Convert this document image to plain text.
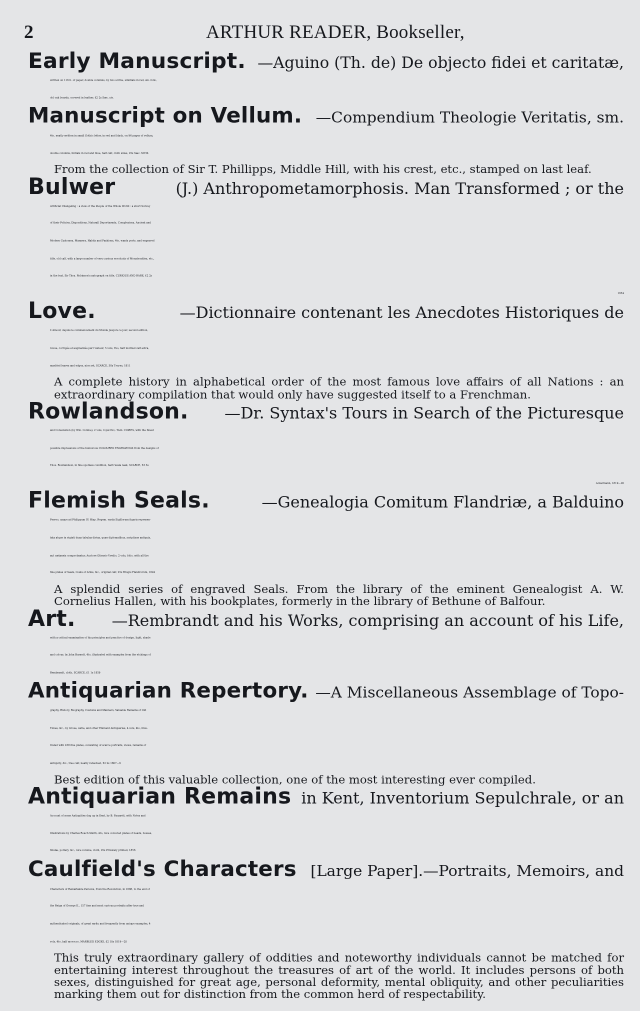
2	ARTHUR READER, Bookseller,
Early Manuscript. —Aguino (Th. de) De objecto fidei et caritatæ,
written on 116 ll. of paper, double columns, by two scribe, simitials in red, sm. folio,
old oak boards, covered in leather, £2 2s Sæc. xiv.
Manuscript on Vellum. —Compendium Theologie Veritatis, sm.
4to, neatly written in small Gothic letter, in red and black, on 96 pages of vellum,
double columns, Initials in red and blue, half calf, cloth sides, 25s Sæc. XIVth
From the collection of Sir T. Phillipps, Middle Hill, with his crest, etc., stamped on last leaf.
Bulwer	(J.) Anthropometamorphosis. Man Transformed ; or the
Artificial Changeling : a view of the People of the Whole World : a short Survey
of their Policies, Dispositions, Naturall Deportments, Complexions, Ancient and
Modern Customes, Manners, Habits and Fashions, 4to, wants ports. and engraved
title, old calf, with a large number of very curious woodcuts of Monstrosities, etc.,
in the text, Sir Thos. Robinson's autograph on title, CURIOUS AND RARE, £2 2s
1654
Love.	—Dictionnaire contenant les Anecdotes Historiques de
L'Amour, depuis le commencement du Monde jusqu'a ce jour, second edition,
revue, corrigée et augmentée par l'Auteur, 5 vols, 8vo, half mottled calf extra,
marbled leaves and edges, nice set, SCARCE, 38s Troyes, 1811
A complete history in alphabetical order of the most famous love affairs of all Nations : an extraordinary compilation that would only have suggested itself to a Frenchman.
Rowlandson. —Dr. Syntax's Tours in Search of the Picturesque
and Consolation (by Wm. Combe), 2 vols, royal 8vo, TALL COPIES, with the finest
possible impressions of the humorous COLOURED ENGRAVINGS from the designs of
Thos. Rowlandson, in fine spotless condition, half russia neat, SCARCE, £3 3s
Ackermann, 1819—20
Flemish Seals.	—Genealogia Comitum Flandriæ, a Balduino
Ferreo, usque ad Philippum IV. Hisp. Regem. variis Sigillorum figuris represen-
tata atque in viginti duas tabulas divisa, quae diplomatibus, scriptisue antiquis,
aut cætaneis comprobantur, Auctore Olivario Vredio, 2 vols, folio, with all the
fine plates of Seals, Coats of Arms, &c., original calf, 25s Brugis Flandrorum, 1642
A splendid series of engraved Seals. From the library of the eminent Genealogist A. W. Cornelius Hallen, with his bookplates, formerly in the library of Bethune of Balfour.
Art. —Rembrandt and his Works, comprising an account of his Life,
with a critical examination of his principles and practice of design, light, shade
and colour, by John Burnett, 4to, illustrated with examples from the etchings of
Rembrandt, cloth, SCARCE, £1 1s 1859
Antiquarian Repertory. —A Miscellaneous Assemblage of Topo-
graphy, History, Biography, Customs and Manners, Valuable Remains of Old
Times, &c., by Grose, Astle, and other Eminent Antiquaries, 4 vols, 4to, illus-
trated with 238 fine plates, consisting of scarce portraits, views, remains of
antiquity, &c., tree calf, neatly rebacked, £2 2s 1807—9
Best edition of this valuable collection, one of the most interesting ever compiled.
Antiquarian Remains in Kent, Inventorium Sepulchrale, or an
Account of some Antiquities dug up in Kent, by B. Faussett, with Notes and
Illustrations by Charles Roach Smith, 4to, nice coloured plates of beads, bosses,
fibulæ, pottery, &c., nice volume, cloth, 25s Privately printed, 1856
Caulfield's Characters [Large Paper].—Portraits, Memoirs, and
Characters of Remarkable Persons, from the Revolution, in 1688, to the end of
the Reign of George II., 157 fine and most curious portraits after true and
authenticated originals, of great rarity and frequently from unique examples, 4
vols, 4to, half morocco, MARBLED EDGES, £2 10s 1819—20
This truly extraordinary gallery of oddities and noteworthy individuals cannot be matched for entertaining interest throughout the treasures of art of the world. It includes persons of both sexes, distinguished for great age, personal deformity, mental obliquity, and other peculiarities marking them out for distinction from the common herd of respectability.
